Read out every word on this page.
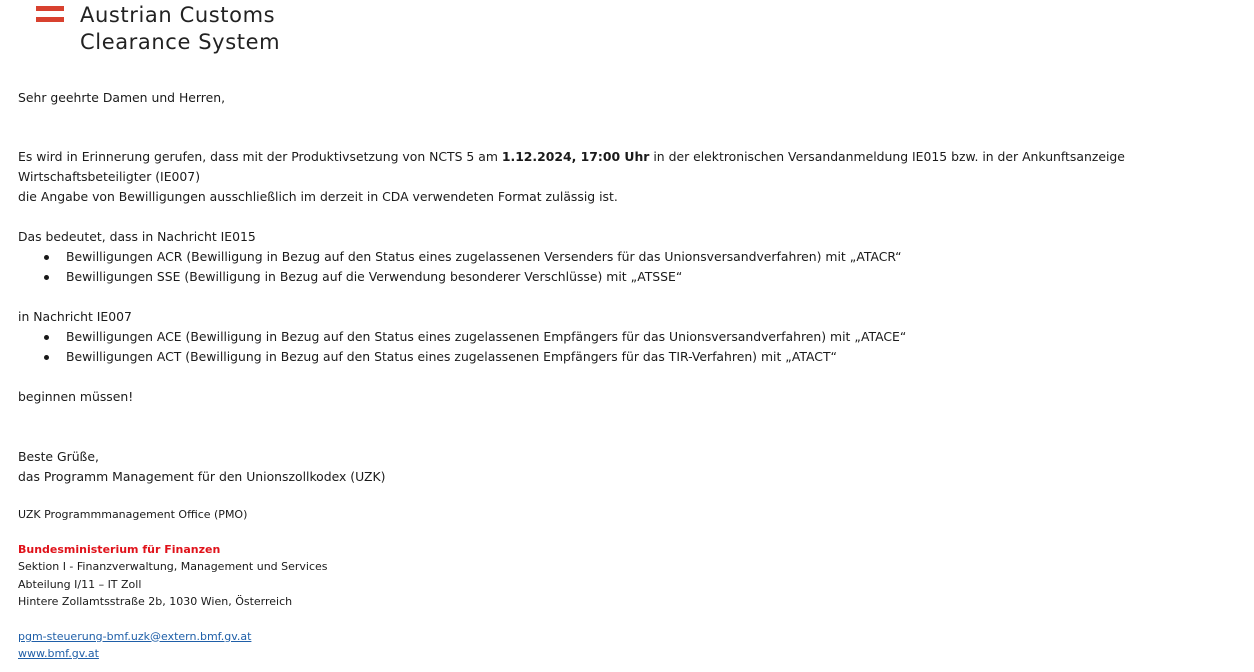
Austrian Customs
Clearance System

Sehr geehrte Damen und Herren,

Es wird in Erinnerung gerufen, dass mit der Produktivsetzung von NCTS 5 am 1.12.2024, 17:00 Uhr in der elektronischen Versandanmeldung IE015 bzw. in der Ankunftsanzeige Wirtschaftsbeteiligter (IE007)

die Angabe von Bewilligungen ausschließlich im derzeit in CDA verwendeten Format zulässig ist.

Das bedeutet, dass in Nachricht IE015

Bewilligungen ACR (Bewilligung in Bezug auf den Status eines zugelassenen Versenders für das Unionsversandverfahren) mit „ATACR“
Bewilligungen SSE (Bewilligung in Bezug auf die Verwendung besonderer Verschlüsse) mit „ATSSE“

in Nachricht IE007

Bewilligungen ACE (Bewilligung in Bezug auf den Status eines zugelassenen Empfängers für das Unionsversandverfahren) mit „ATACE“
Bewilligungen ACT (Bewilligung in Bezug auf den Status eines zugelassenen Empfängers für das TIR-Verfahren) mit „ATACT“

beginnen müssen!

Beste Grüße,

das Programm Management für den Unionszollkodex (UZK)

UZK Programmmanagement Office (PMO)

Bundesministerium für Finanzen

Sektion I - Finanzverwaltung, Management und Services

Abteilung I/11 – IT Zoll

Hintere Zollamtsstraße 2b, 1030 Wien, Österreich

pgm-steuerung-bmf.uzk@extern.bmf.gv.at
www.bmf.gv.at
